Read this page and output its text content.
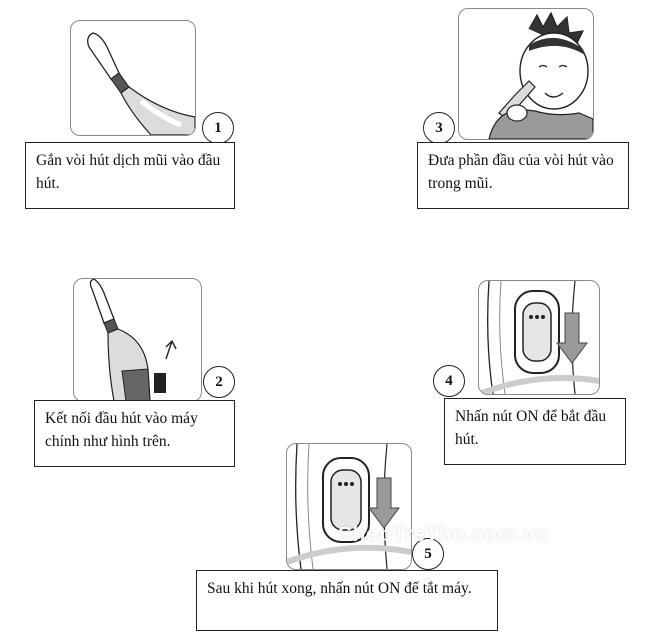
1
Gắn vòi hút dịch mũi vào đầu hút.
3
Đưa phần đầu của vòi hút vào trong mũi.
2
Kết nối đầu hút vào máy chính như hình trên.
4
Nhấn nút ON để bắt đầu hút.
5
Sau khi hút xong, nhấn nút ON để tắt máy.
ShopTreTho.com.vn
